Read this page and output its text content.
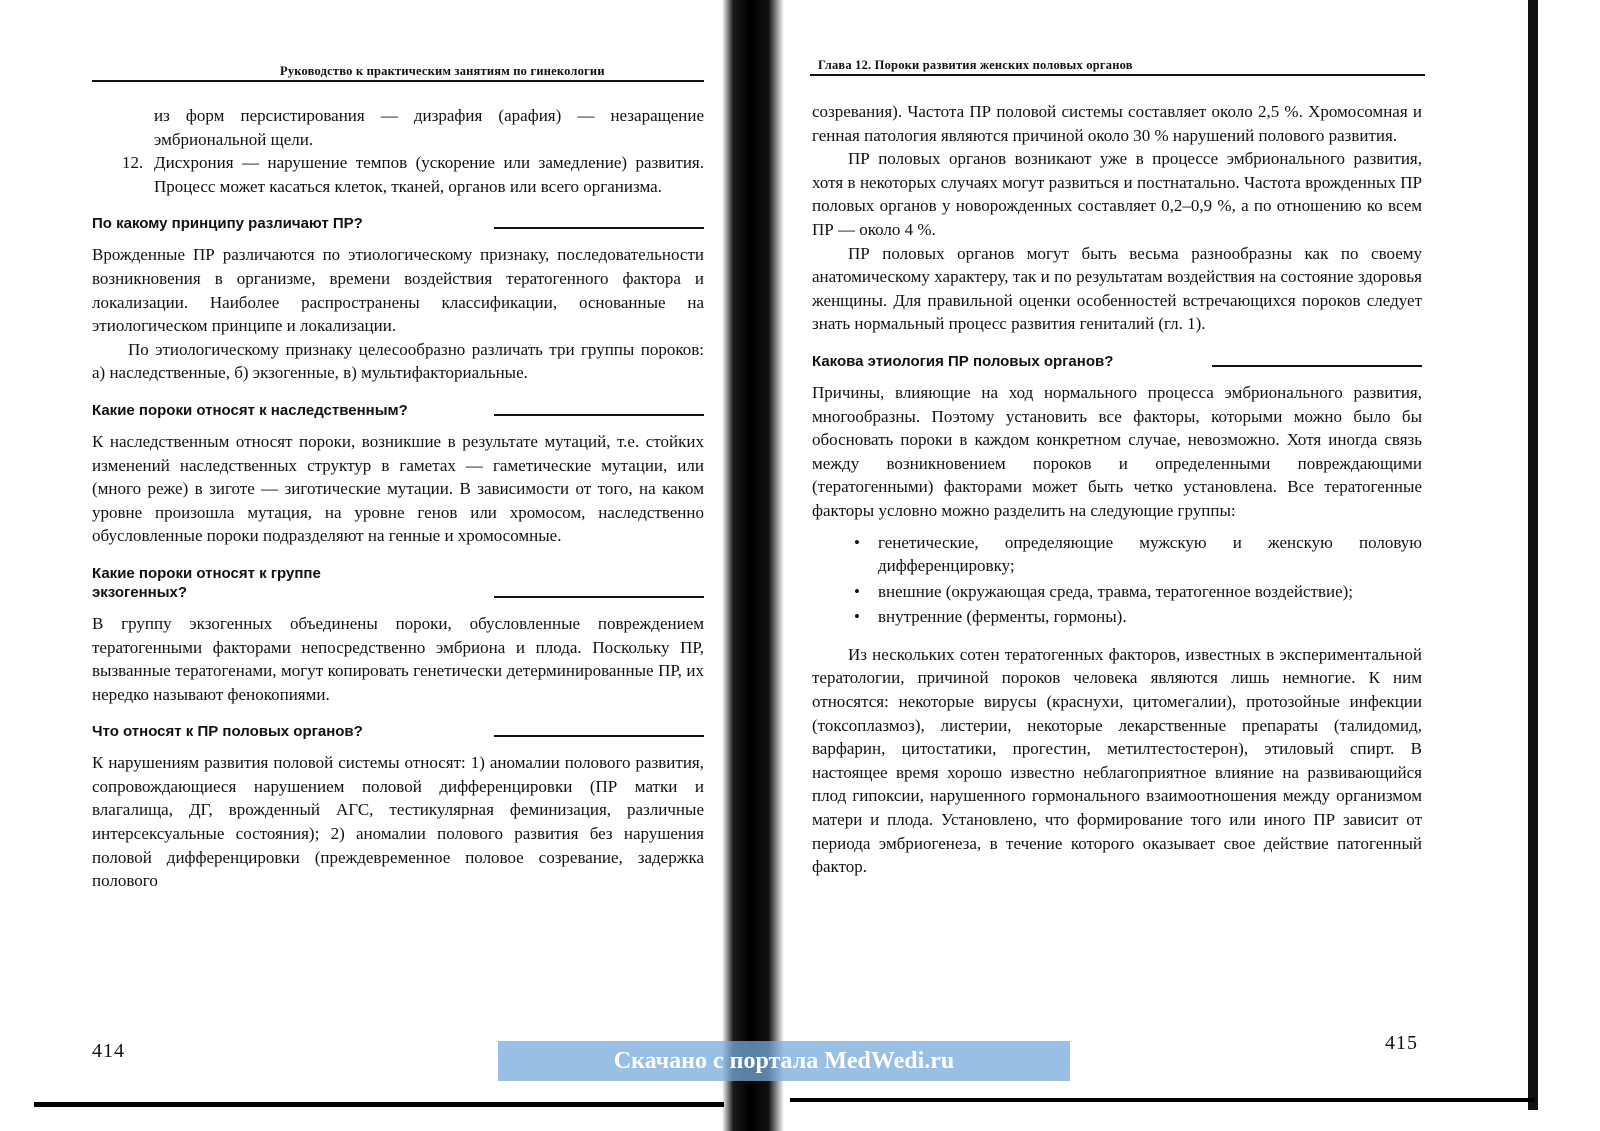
Руководство к практическим занятиям по гинекологии

из форм персистирования — дизрафия (арафия) — незаращение эмбриональной щели.

12. Дисхрония — нарушение темпов (ускорение или замедление) развития. Процесс может касаться клеток, тканей, органов или всего организма.

По какому принципу различают ПР?

Врожденные ПР различаются по этиологическому признаку, последовательности возникновения в организме, времени воздействия тератогенного фактора и локализации. Наиболее распространены классификации, основанные на этиологическом принципе и локализации.

По этиологическому признаку целесообразно различать три группы пороков: а) наследственные, б) экзогенные, в) мультифакториальные.

Какие пороки относят к наследственным?

К наследственным относят пороки, возникшие в результате мутаций, т.е. стойких изменений наследственных структур в гаметах — гаметические мутации, или (много реже) в зиготе — зиготические мутации. В зависимости от того, на каком уровне произошла мутация, на уровне генов или хромосом, наследственно обусловленные пороки подразделяют на генные и хромосомные.

Какие пороки относят к группе
экзогенных?

В группу экзогенных объединены пороки, обусловленные повреждением тератогенными факторами непосредственно эмбриона и плода. Поскольку ПР, вызванные тератогенами, могут копировать генетически детерминированные ПР, их нередко называют фенокопиями.

Что относят к ПР половых органов?

К нарушениям развития половой системы относят: 1) аномалии полового развития, сопровождающиеся нарушением половой дифференцировки (ПР матки и влагалища, ДГ, врожденный АГС, тестикулярная феминизация, различные интерсексуальные состояния); 2) аномалии полового развития без нарушения половой дифференцировки (преждевременное половое созревание, задержка полового

414
Глава 12. Пороки развития женских половых органов

созревания). Частота ПР половой системы составляет около 2,5 %. Хромосомная и генная патология являются причиной около 30 % нарушений полового развития.

ПР половых органов возникают уже в процессе эмбрионального развития, хотя в некоторых случаях могут развиться и постнатально. Частота врожденных ПР половых органов у новорожденных составляет 0,2–0,9 %, а по отношению ко всем ПР — около 4 %.

ПР половых органов могут быть весьма разнообразны как по своему анатомическому характеру, так и по результатам воздействия на состояние здоровья женщины. Для правильной оценки особенностей встречающихся пороков следует знать нормальный процесс развития гениталий (гл. 1).

Какова этиология ПР половых органов?

Причины, влияющие на ход нормального процесса эмбрионального развития, многообразны. Поэтому установить все факторы, которыми можно было бы обосновать пороки в каждом конкретном случае, невозможно. Хотя иногда связь между возникновением пороков и определенными повреждающими (тератогенными) факторами может быть четко установлена. Все тератогенные факторы условно можно разделить на следующие группы:

• генетические, определяющие мужскую и женскую половую дифференцировку;
• внешние (окружающая среда, травма, тератогенное воздействие);
• внутренние (ферменты, гормоны).

Из нескольких сотен тератогенных факторов, известных в экспериментальной тератологии, причиной пороков человека являются лишь немногие. К ним относятся: некоторые вирусы (краснухи, цитомегалии), протозойные инфекции (токсоплазмоз), листерии, некоторые лекарственные препараты (талидомид, варфарин, цитостатики, прогестин, метилтестостерон), этиловый спирт. В настоящее время хорошо известно неблагоприятное влияние на развивающийся плод гипоксии, нарушенного гормонального взаимоотношения между организмом матери и плода. Установлено, что формирование того или иного ПР зависит от периода эмбриогенеза, в течение которого оказывает свое действие патогенный фактор.

415
Скачано с портала MedWedi.ru
